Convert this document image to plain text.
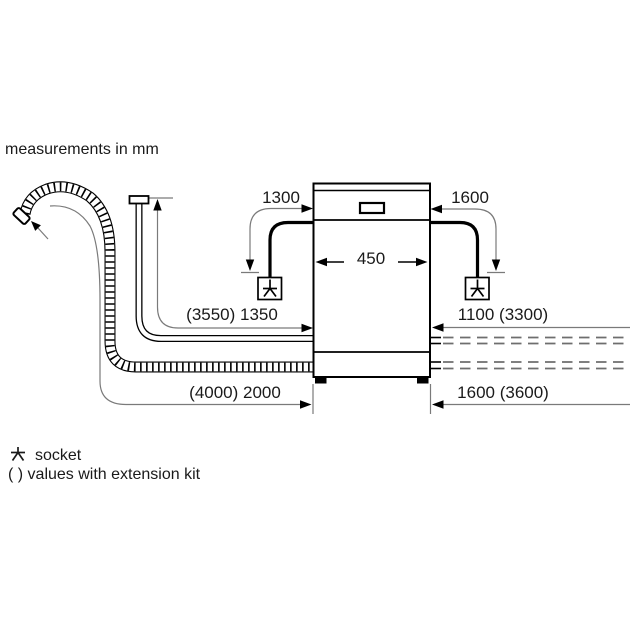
measurements in mm
1300	1600
450
(3550) 1350	1100 (3300)
(4000) 2000	1600 (3600)
socket
( ) values with extension kit
